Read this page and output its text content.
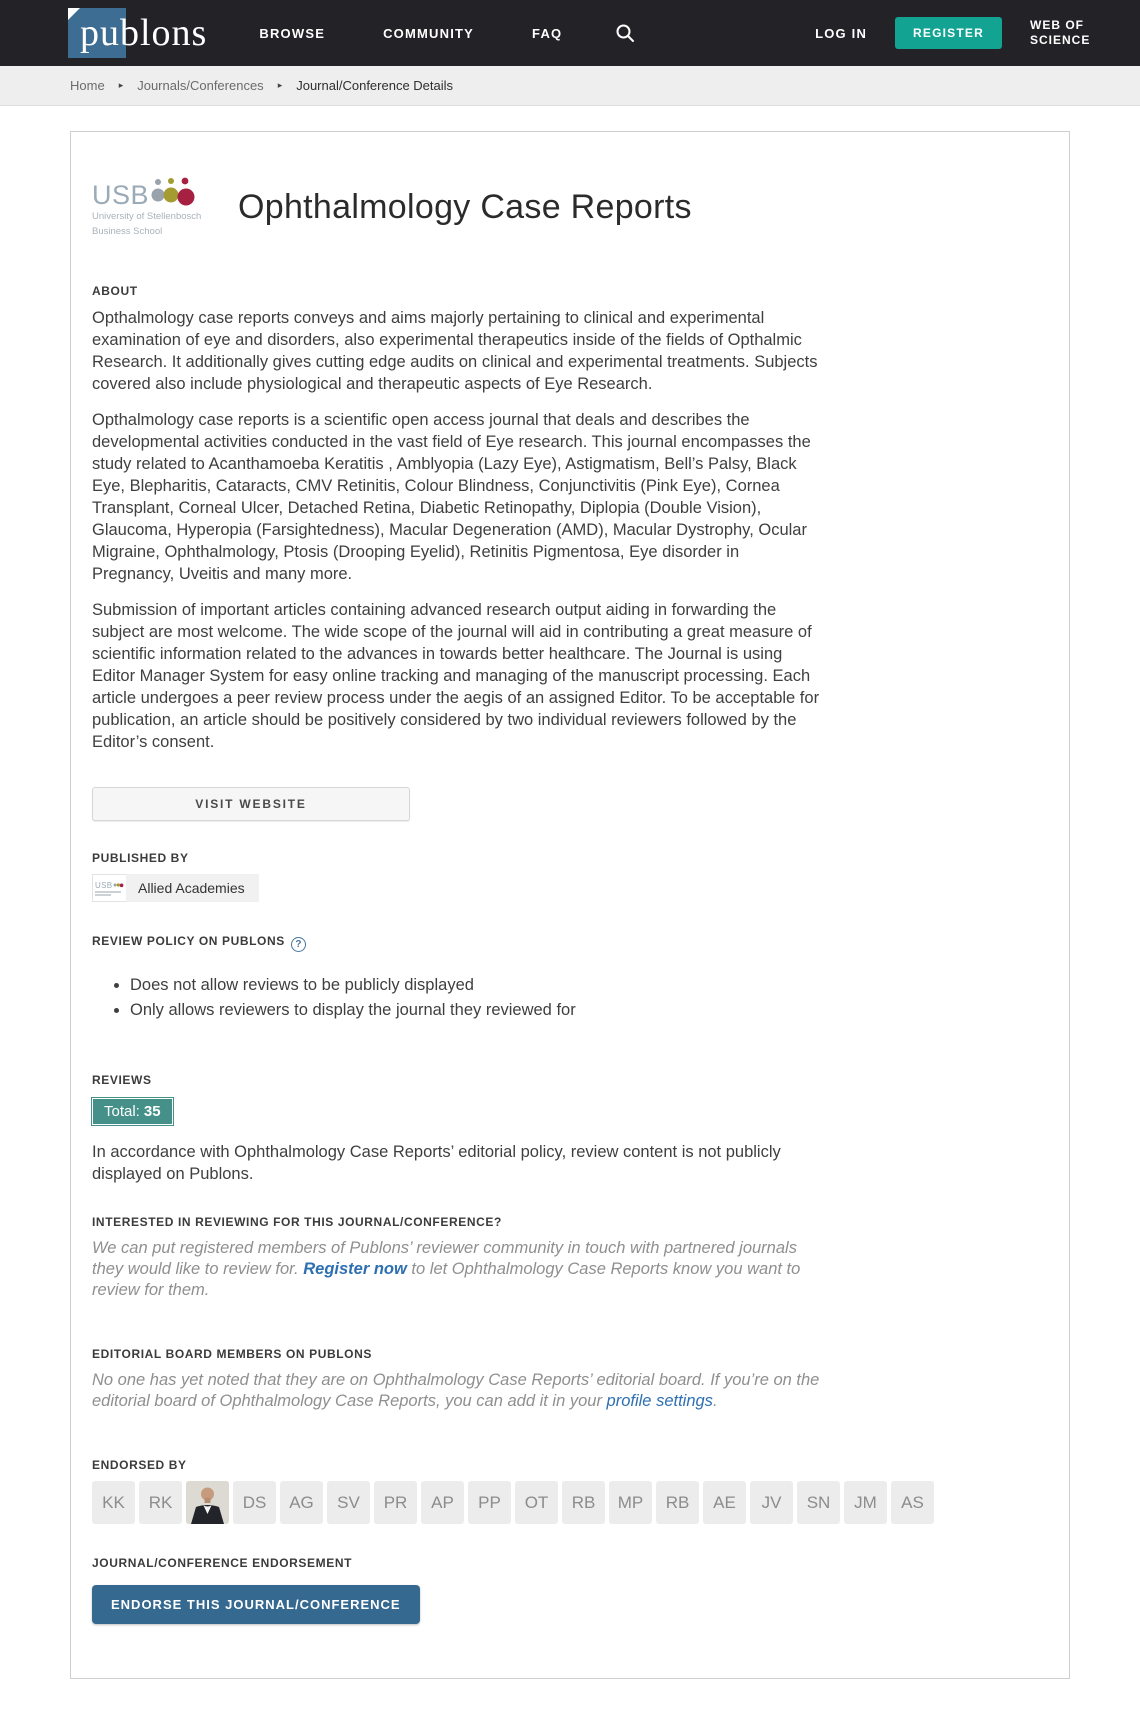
publons	BROWSE	COMMUNITY	FAQ	LOG IN	REGISTER
WEB OF SCIENCE
Home ▸ Journals/Conferences ▸ Journal/Conference Details
USB
University of Stellenbosch
Business School
Ophthalmology Case Reports
ABOUT

Opthalmology case reports conveys and aims majorly pertaining to clinical and experimental examination of eye and disorders, also experimental therapeutics inside of the fields of Opthalmic Research. It additionally gives cutting edge audits on clinical and experimental treatments. Subjects covered also include physiological and therapeutic aspects of Eye Research.

Opthalmology case reports is a scientific open access journal that deals and describes the developmental activities conducted in the vast field of Eye research. This journal encompasses the study related to Acanthamoeba Keratitis , Amblyopia (Lazy Eye), Astigmatism, Bell’s Palsy, Black Eye, Blepharitis, Cataracts, CMV Retinitis, Colour Blindness, Conjunctivitis (Pink Eye), Cornea Transplant, Corneal Ulcer, Detached Retina, Diabetic Retinopathy, Diplopia (Double Vision), Glaucoma, Hyperopia (Farsightedness), Macular Degeneration (AMD), Macular Dystrophy, Ocular Migraine, Ophthalmology, Ptosis (Drooping Eyelid), Retinitis Pigmentosa, Eye disorder in Pregnancy, Uveitis and many more.

Submission of important articles containing advanced research output aiding in forwarding the subject are most welcome. The wide scope of the journal will aid in contributing a great measure of scientific information related to the advances in towards better healthcare. The Journal is using Editor Manager System for easy online tracking and managing of the manuscript processing. Each article undergoes a peer review process under the aegis of an assigned Editor. To be acceptable for publication, an article should be positively considered by two individual reviewers followed by the Editor’s consent.

VISIT WEBSITE
PUBLISHED BY
USB	Allied Academies
REVIEW POLICY ON PUBLONS ?
• Does not allow reviews to be publicly displayed
• Only allows reviewers to display the journal they reviewed for
REVIEWS
Total: 35

In accordance with Ophthalmology Case Reports’ editorial policy, review content is not publicly displayed on Publons.

INTERESTED IN REVIEWING FOR THIS JOURNAL/CONFERENCE?

We can put registered members of Publons’ reviewer community in touch with partnered journals they would like to review for. Register now to let Ophthalmology Case Reports know you want to review for them.

EDITORIAL BOARD MEMBERS ON PUBLONS

No one has yet noted that they are on Ophthalmology Case Reports’ editorial board. If you’re on the editorial board of Ophthalmology Case Reports, you can add it in your profile settings.

ENDORSED BY
KK	RK	DS	AG	SV	PR	AP	PP	OT	RB	MP	RB	AE	JV	SN	JM	AS
JOURNAL/CONFERENCE ENDORSEMENT
ENDORSE THIS JOURNAL/CONFERENCE
